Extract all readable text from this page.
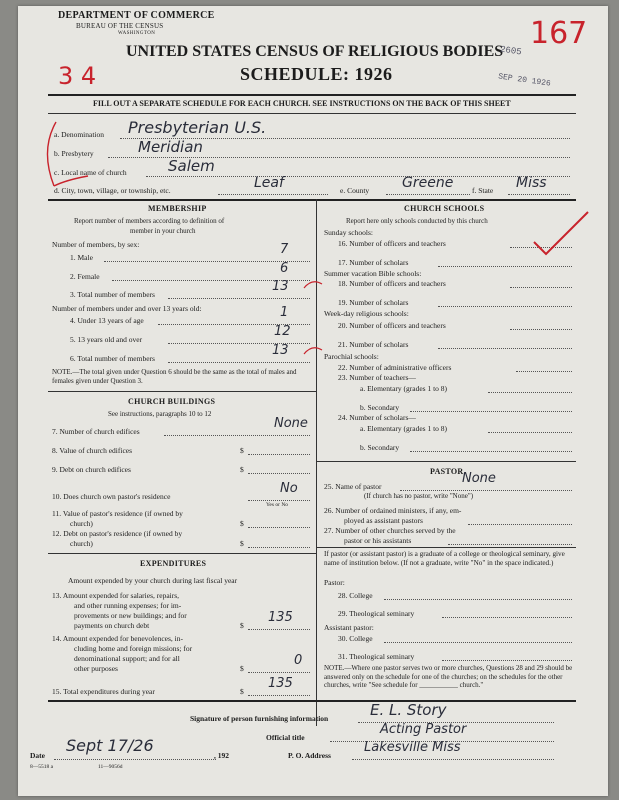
DEPARTMENT OF COMMERCE
BUREAU OF THE CENSUS
WASHINGTON
UNITED STATES CENSUS OF RELIGIOUS BODIES
SCHEDULE: 1926
2605
SEP 20 1926
3 4
167
FILL OUT A SEPARATE SCHEDULE FOR EACH CHURCH. SEE INSTRUCTIONS ON THE BACK OF THIS SHEET
a. Denomination Presbyterian U.S.
b. Presbytery	Meridian
c. Local name of church	Salem
d. City, town, village, or township, etc.	Leaf	e. County Greene f. State Miss
MEMBERSHIP
Report number of members according to definition of
member in your church
Number of members, by sex:
1. Male
7
2. Female
6
3. Total number of members
13
Number of members under and over 13 years old:
4. Under 13 years of age
1
5. 13 years old and over
12
6. Total number of members
13
NOTE.—The total given under Question 6 should be the same as the total of males and females given under Question 3.
CHURCH BUILDINGS
See instructions, paragraphs 10 to 12
7. Number of church edifices
None
8. Value of church edifices	$
9. Debt on church edifices	$
10. Does church own pastor's residence
No
Yes or No
11. Value of pastor's residence (if owned by
church)	$
12. Debt on pastor's residence (if owned by
church)	$
EXPENDITURES
Amount expended by your church during last fiscal year
13. Amount expended for salaries, repairs,
and other running expenses; for im-
provements or new buildings; and for
payments on church debt	$
135
14. Amount expended for benevolences, in-
cluding home and foreign missions; for
denominational support; and for all
other purposes	$
0
15. Total expenditures during year	$
135
CHURCH SCHOOLS
Report here only schools conducted by this church
Sunday schools:
16. Number of officers and teachers
17. Number of scholars
Summer vacation Bible schools:
18. Number of officers and teachers
19. Number of scholars
Week-day religious schools:
20. Number of officers and teachers
21. Number of scholars
Parochial schools:
22. Number of administrative officers
23. Number of teachers—
a. Elementary (grades 1 to 8)
b. Secondary
24. Number of scholars—
a. Elementary (grades 1 to 8)
b. Secondary
PASTOR
25. Name of pastor
None
(If church has no pastor, write "None")
26. Number of ordained ministers, if any, em-
ployed as assistant pastors
27. Number of other churches served by the
pastor or his assistants
If pastor (or assistant pastor) is a graduate of a college or theological seminary, give name of institution below. (If not a graduate, write "No" in the space indicated.)
Pastor:
28. College
29. Theological seminary
Assistant pastor:
30. College
31. Theological seminary
NOTE.—Where one pastor serves two or more churches, Questions 28 and 29 should be answered only on the schedule for one of the churches; on the schedules for the other churches, write "See schedule for ___________ church."
Signature of person furnishing information	E. L. Story
Official title
Acting Pastor
Date
Sept 17/26
, 192	P. O. Address
Lakesville Miss
8—5518 a	11—9056d
